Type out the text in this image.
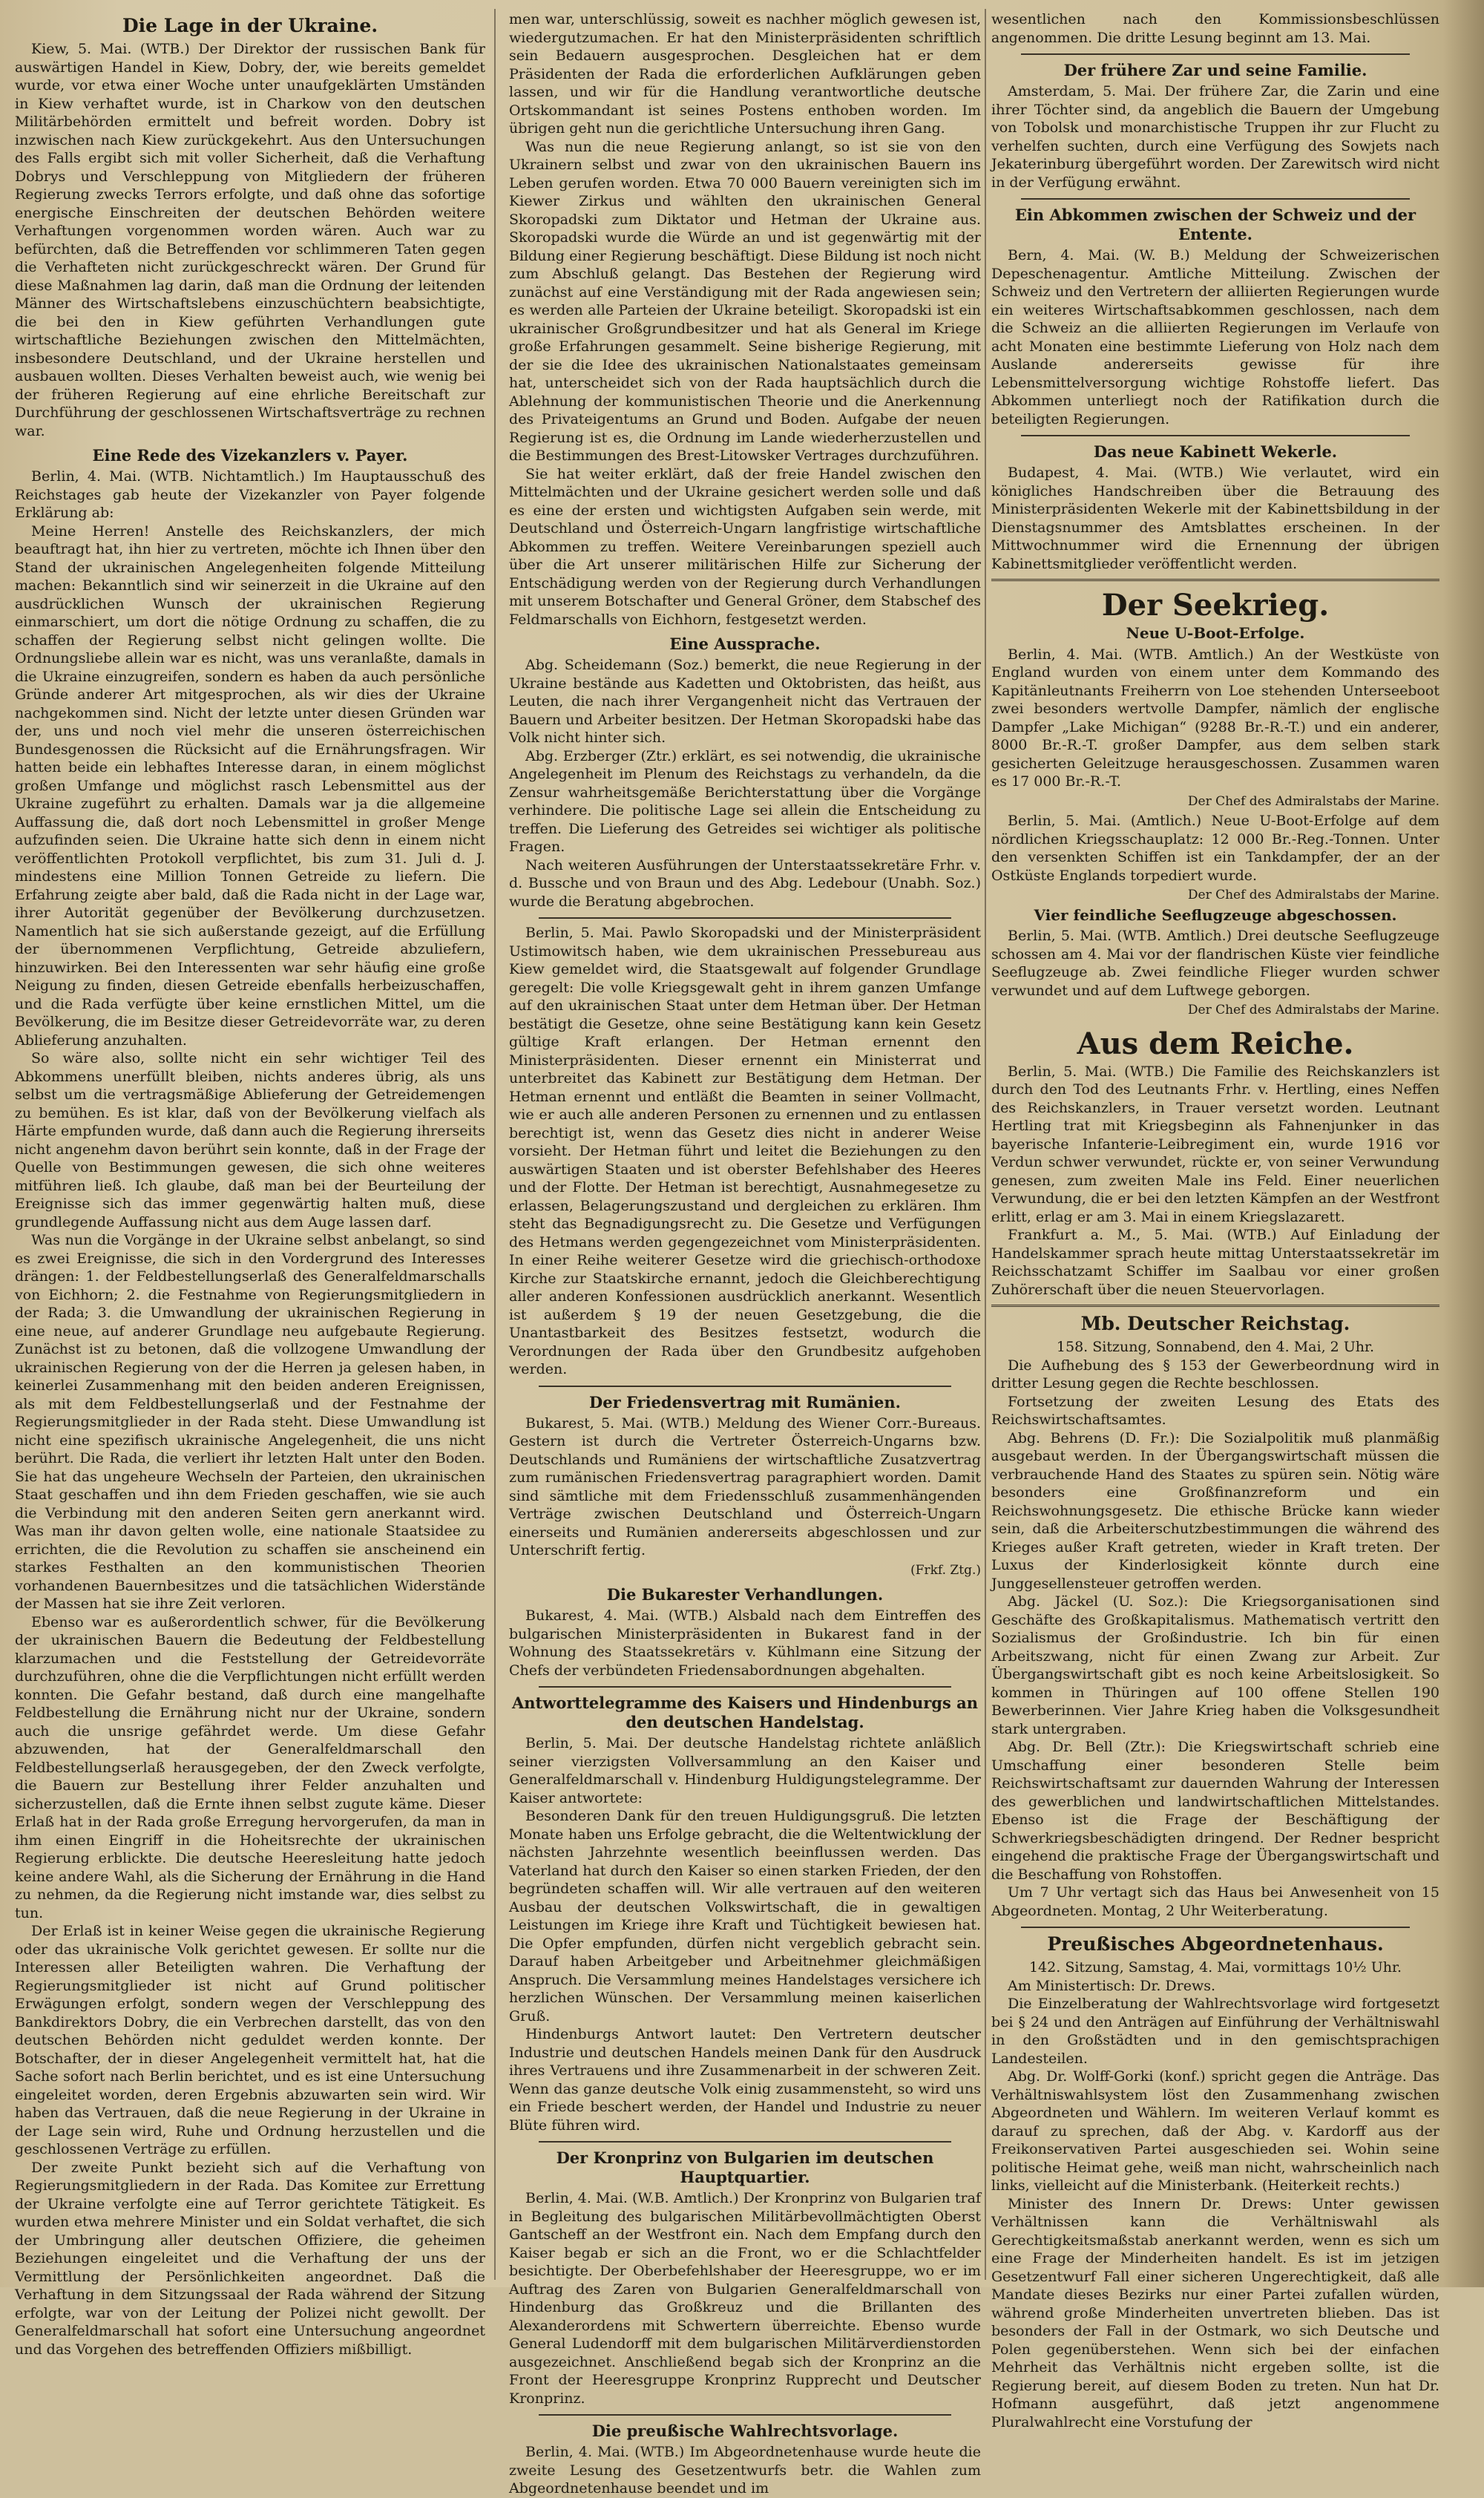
Die Lage in der Ukraine.

Kiew, 5. Mai. (WTB.) Der Direktor der russischen Bank für auswärtigen Handel in Kiew, Dobry, der, wie bereits gemeldet wurde, vor etwa einer Woche unter unaufgeklärten Umständen in Kiew verhaftet wurde, ist in Charkow von den deutschen Militärbehörden ermittelt und befreit worden. Dobry ist inzwischen nach Kiew zurückgekehrt. Aus den Untersuchungen des Falls ergibt sich mit voller Sicherheit, daß die Verhaftung Dobrys und Verschleppung von Mitgliedern der früheren Regierung zwecks Terrors erfolgte, und daß ohne das sofortige energische Einschreiten der deutschen Behörden weitere Verhaftungen vorgenommen worden wären. Auch war zu befürchten, daß die Betreffenden vor schlimmeren Taten gegen die Verhafteten nicht zurückgeschreckt wären. Der Grund für diese Maßnahmen lag darin, daß man die Ordnung der leitenden Männer des Wirtschaftslebens einzuschüchtern beabsichtigte, die bei den in Kiew geführten Verhandlungen gute wirtschaftliche Beziehungen zwischen den Mittelmächten, insbesondere Deutschland, und der Ukraine herstellen und ausbauen wollten. Dieses Verhalten beweist auch, wie wenig bei der früheren Regierung auf eine ehrliche Bereitschaft zur Durchführung der geschlossenen Wirtschaftsverträge zu rechnen war.

Eine Rede des Vizekanzlers v. Payer.

Berlin, 4. Mai. (WTB. Nichtamtlich.) Im Hauptausschuß des Reichstages gab heute der Vizekanzler von Payer folgende Erklärung ab:

Meine Herren! Anstelle des Reichskanzlers, der mich beauftragt hat, ihn hier zu vertreten, möchte ich Ihnen über den Stand der ukrainischen Angelegenheiten folgende Mitteilung machen: Bekanntlich sind wir seinerzeit in die Ukraine auf den ausdrücklichen Wunsch der ukrainischen Regierung einmarschiert, um dort die nötige Ordnung zu schaffen, die zu schaffen der Regierung selbst nicht gelingen wollte. Die Ordnungsliebe allein war es nicht, was uns veranlaßte, damals in die Ukraine einzugreifen, sondern es haben da auch persönliche Gründe anderer Art mitgesprochen, als wir dies der Ukraine nachgekommen sind. Nicht der letzte unter diesen Gründen war der, uns und noch viel mehr die unseren österreichischen Bundesgenossen die Rücksicht auf die Ernährungsfragen. Wir hatten beide ein lebhaftes Interesse daran, in einem möglichst großen Umfange und möglichst rasch Lebensmittel aus der Ukraine zugeführt zu erhalten. Damals war ja die allgemeine Auffassung die, daß dort noch Lebensmittel in großer Menge aufzufinden seien. Die Ukraine hatte sich denn in einem nicht veröffentlichten Protokoll verpflichtet, bis zum 31. Juli d. J. mindestens eine Million Tonnen Getreide zu liefern. Die Erfahrung zeigte aber bald, daß die Rada nicht in der Lage war, ihrer Autorität gegenüber der Bevölkerung durchzusetzen. Namentlich hat sie sich außerstande gezeigt, auf die Erfüllung der übernommenen Verpflichtung, Getreide abzuliefern, hinzuwirken. Bei den Interessenten war sehr häufig eine große Neigung zu finden, diesen Getreide ebenfalls herbeizuschaffen, und die Rada verfügte über keine ernstlichen Mittel, um die Bevölkerung, die im Besitze dieser Getreidevorräte war, zu deren Ablieferung anzuhalten.

So wäre also, sollte nicht ein sehr wichtiger Teil des Abkommens unerfüllt bleiben, nichts anderes übrig, als uns selbst um die vertragsmäßige Ablieferung der Getreidemengen zu bemühen. Es ist klar, daß von der Bevölkerung vielfach als Härte empfunden wurde, daß dann auch die Regierung ihrerseits nicht angenehm davon berührt sein konnte, daß in der Frage der Quelle von Bestimmungen gewesen, die sich ohne weiteres mitführen ließ. Ich glaube, daß man bei der Beurteilung der Ereignisse sich das immer gegenwärtig halten muß, diese grundlegende Auffassung nicht aus dem Auge lassen darf.

Was nun die Vorgänge in der Ukraine selbst anbelangt, so sind es zwei Ereignisse, die sich in den Vordergrund des Interesses drängen: 1. der Feldbestellungserlaß des Generalfeldmarschalls von Eichhorn; 2. die Festnahme von Regierungsmitgliedern in der Rada; 3. die Umwandlung der ukrainischen Regierung in eine neue, auf anderer Grundlage neu aufgebaute Regierung. Zunächst ist zu betonen, daß die vollzogene Umwandlung der ukrainischen Regierung von der die Herren ja gelesen haben, in keinerlei Zusammenhang mit den beiden anderen Ereignissen, als mit dem Feldbestellungserlaß und der Festnahme der Regierungsmitglieder in der Rada steht. Diese Umwandlung ist nicht eine spezifisch ukrainische Angelegenheit, die uns nicht berührt. Die Rada, die verliert ihr letzten Halt unter den Boden. Sie hat das ungeheure Wechseln der Parteien, den ukrainischen Staat geschaffen und ihn dem Frieden geschaffen, wie sie auch die Verbindung mit den anderen Seiten gern anerkannt wird. Was man ihr davon gelten wolle, eine nationale Staatsidee zu errichten, die die Revolution zu schaffen sie anscheinend ein starkes Festhalten an den kommunistischen Theorien vorhandenen Bauernbesitzes und die tatsächlichen Widerstände der Massen hat sie ihre Zeit verloren.

Ebenso war es außerordentlich schwer, für die Bevölkerung der ukrainischen Bauern die Bedeutung der Feldbestellung klarzumachen und die Feststellung der Getreidevorräte durchzuführen, ohne die die Verpflichtungen nicht erfüllt werden konnten. Die Gefahr bestand, daß durch eine mangelhafte Feldbestellung die Ernährung nicht nur der Ukraine, sondern auch die unsrige gefährdet werde. Um diese Gefahr abzuwenden, hat der Generalfeldmarschall den Feldbestellungserlaß herausgegeben, der den Zweck verfolgte, die Bauern zur Bestellung ihrer Felder anzuhalten und sicherzustellen, daß die Ernte ihnen selbst zugute käme. Dieser Erlaß hat in der Rada große Erregung hervorgerufen, da man in ihm einen Eingriff in die Hoheitsrechte der ukrainischen Regierung erblickte. Die deutsche Heeresleitung hatte jedoch keine andere Wahl, als die Sicherung der Ernährung in die Hand zu nehmen, da die Regierung nicht imstande war, dies selbst zu tun.

Der Erlaß ist in keiner Weise gegen die ukrainische Regierung oder das ukrainische Volk gerichtet gewesen. Er sollte nur die Interessen aller Beteiligten wahren. Die Verhaftung der Regierungsmitglieder ist nicht auf Grund politischer Erwägungen erfolgt, sondern wegen der Verschleppung des Bankdirektors Dobry, die ein Verbrechen darstellt, das von den deutschen Behörden nicht geduldet werden konnte. Der Botschafter, der in dieser Angelegenheit vermittelt hat, hat die Sache sofort nach Berlin berichtet, und es ist eine Untersuchung eingeleitet worden, deren Ergebnis abzuwarten sein wird. Wir haben das Vertrauen, daß die neue Regierung in der Ukraine in der Lage sein wird, Ruhe und Ordnung herzustellen und die geschlossenen Verträge zu erfüllen.

Der zweite Punkt bezieht sich auf die Verhaftung von Regierungsmitgliedern in der Rada. Das Komitee zur Errettung der Ukraine verfolgte eine auf Terror gerichtete Tätigkeit. Es wurden etwa mehrere Minister und ein Soldat verhaftet, die sich der Umbringung aller deutschen Offiziere, die geheimen Beziehungen eingeleitet und die Verhaftung der uns der Vermittlung der Persönlichkeiten angeordnet. Daß die Verhaftung in dem Sitzungssaal der Rada während der Sitzung erfolgte, war von der Leitung der Polizei nicht gewollt. Der Generalfeldmarschall hat sofort eine Untersuchung angeordnet und das Vorgehen des betreffenden Offiziers mißbilligt.

men war, unterschlüssig, soweit es nachher möglich gewesen ist, wiedergutzumachen. Er hat den Ministerpräsidenten schriftlich sein Bedauern ausgesprochen. Desgleichen hat er dem Präsidenten der Rada die erforderlichen Aufklärungen geben lassen, und wir für die Handlung verantwortliche deutsche Ortskommandant ist seines Postens enthoben worden. Im übrigen geht nun die gerichtliche Untersuchung ihren Gang.

Was nun die neue Regierung anlangt, so ist sie von den Ukrainern selbst und zwar von den ukrainischen Bauern ins Leben gerufen worden. Etwa 70 000 Bauern vereinigten sich im Kiewer Zirkus und wählten den ukrainischen General Skoropadski zum Diktator und Hetman der Ukraine aus. Skoropadski wurde die Würde an und ist gegenwärtig mit der Bildung einer Regierung beschäftigt. Diese Bildung ist noch nicht zum Abschluß gelangt. Das Bestehen der Regierung wird zunächst auf eine Verständigung mit der Rada angewiesen sein; es werden alle Parteien der Ukraine beteiligt. Skoropadski ist ein ukrainischer Großgrundbesitzer und hat als General im Kriege große Erfahrungen gesammelt. Seine bisherige Regierung, mit der sie die Idee des ukrainischen Nationalstaates gemeinsam hat, unterscheidet sich von der Rada hauptsächlich durch die Ablehnung der kommunistischen Theorie und die Anerkennung des Privateigentums an Grund und Boden. Aufgabe der neuen Regierung ist es, die Ordnung im Lande wiederherzustellen und die Bestimmungen des Brest-Litowsker Vertrages durchzuführen.

Sie hat weiter erklärt, daß der freie Handel zwischen den Mittelmächten und der Ukraine gesichert werden solle und daß es eine der ersten und wichtigsten Aufgaben sein werde, mit Deutschland und Österreich-Ungarn langfristige wirtschaftliche Abkommen zu treffen. Weitere Vereinbarungen speziell auch über die Art unserer militärischen Hilfe zur Sicherung der Entschädigung werden von der Regierung durch Verhandlungen mit unserem Botschafter und General Gröner, dem Stabschef des Feldmarschalls von Eichhorn, festgesetzt werden.

Eine Aussprache.

Abg. Scheidemann (Soz.) bemerkt, die neue Regierung in der Ukraine bestände aus Kadetten und Oktobristen, das heißt, aus Leuten, die nach ihrer Vergangenheit nicht das Vertrauen der Bauern und Arbeiter besitzen. Der Hetman Skoropadski habe das Volk nicht hinter sich.

Abg. Erzberger (Ztr.) erklärt, es sei notwendig, die ukrainische Angelegenheit im Plenum des Reichstags zu verhandeln, da die Zensur wahrheitsgemäße Berichterstattung über die Vorgänge verhindere. Die politische Lage sei allein die Entscheidung zu treffen. Die Lieferung des Getreides sei wichtiger als politische Fragen.

Nach weiteren Ausführungen der Unterstaatssekretäre Frhr. v. d. Bussche und von Braun und des Abg. Ledebour (Unabh. Soz.) wurde die Beratung abgebrochen.

Berlin, 5. Mai. Pawlo Skoropadski und der Ministerpräsident Ustimowitsch haben, wie dem ukrainischen Pressebureau aus Kiew gemeldet wird, die Staatsgewalt auf folgender Grundlage geregelt: Die volle Kriegsgewalt geht in ihrem ganzen Umfange auf den ukrainischen Staat unter dem Hetman über. Der Hetman bestätigt die Gesetze, ohne seine Bestätigung kann kein Gesetz gültige Kraft erlangen. Der Hetman ernennt den Ministerpräsidenten. Dieser ernennt ein Ministerrat und unterbreitet das Kabinett zur Bestätigung dem Hetman. Der Hetman ernennt und entläßt die Beamten in seiner Vollmacht, wie er auch alle anderen Personen zu ernennen und zu entlassen berechtigt ist, wenn das Gesetz dies nicht in anderer Weise vorsieht. Der Hetman führt und leitet die Beziehungen zu den auswärtigen Staaten und ist oberster Befehlshaber des Heeres und der Flotte. Der Hetman ist berechtigt, Ausnahmegesetze zu erlassen, Belagerungszustand und dergleichen zu erklären. Ihm steht das Begnadigungsrecht zu. Die Gesetze und Verfügungen des Hetmans werden gegengezeichnet vom Ministerpräsidenten. In einer Reihe weiterer Gesetze wird die griechisch-orthodoxe Kirche zur Staatskirche ernannt, jedoch die Gleichberechtigung aller anderen Konfessionen ausdrücklich anerkannt. Wesentlich ist außerdem § 19 der neuen Gesetzgebung, die die Unantastbarkeit des Besitzes festsetzt, wodurch die Verordnungen der Rada über den Grundbesitz aufgehoben werden.

Der Friedensvertrag mit Rumänien.

Bukarest, 5. Mai. (WTB.) Meldung des Wiener Corr.-Bureaus. Gestern ist durch die Vertreter Österreich-Ungarns bzw. Deutschlands und Rumäniens der wirtschaftliche Zusatzvertrag zum rumänischen Friedensvertrag paragraphiert worden. Damit sind sämtliche mit dem Friedensschluß zusammenhängenden Verträge zwischen Deutschland und Österreich-Ungarn einerseits und Rumänien andererseits abgeschlossen und zur Unterschrift fertig.

(Frkf. Ztg.)
Die Bukarester Verhandlungen.

Bukarest, 4. Mai. (WTB.) Alsbald nach dem Eintreffen des bulgarischen Ministerpräsidenten in Bukarest fand in der Wohnung des Staatssekretärs v. Kühlmann eine Sitzung der Chefs der verbündeten Friedensabordnungen abgehalten.

Antworttelegramme des Kaisers und Hindenburgs an den deutschen Handelstag.

Berlin, 5. Mai. Der deutsche Handelstag richtete anläßlich seiner vierzigsten Vollversammlung an den Kaiser und Generalfeldmarschall v. Hindenburg Huldigungstelegramme. Der Kaiser antwortete:

Besonderen Dank für den treuen Huldigungsgruß. Die letzten Monate haben uns Erfolge gebracht, die die Weltentwicklung der nächsten Jahrzehnte wesentlich beeinflussen werden. Das Vaterland hat durch den Kaiser so einen starken Frieden, der den begründeten schaffen will. Wir alle vertrauen auf den weiteren Ausbau der deutschen Volkswirtschaft, die in gewaltigen Leistungen im Kriege ihre Kraft und Tüchtigkeit bewiesen hat. Die Opfer empfunden, dürfen nicht vergeblich gebracht sein. Darauf haben Arbeitgeber und Arbeitnehmer gleichmäßigen Anspruch. Die Versammlung meines Handelstages versichere ich herzlichen Wünschen. Der Versammlung meinen kaiserlichen Gruß.

Hindenburgs Antwort lautet: Den Vertretern deutscher Industrie und deutschen Handels meinen Dank für den Ausdruck ihres Vertrauens und ihre Zusammenarbeit in der schweren Zeit. Wenn das ganze deutsche Volk einig zusammensteht, so wird uns ein Friede beschert werden, der Handel und Industrie zu neuer Blüte führen wird.

Der Kronprinz von Bulgarien im deutschen Hauptquartier.

Berlin, 4. Mai. (W.B. Amtlich.) Der Kronprinz von Bulgarien traf in Begleitung des bulgarischen Militärbevollmächtigten Oberst Gantscheff an der Westfront ein. Nach dem Empfang durch den Kaiser begab er sich an die Front, wo er die Schlachtfelder besichtigte. Der Oberbefehlshaber der Heeresgruppe, wo er im Auftrag des Zaren von Bulgarien Generalfeldmarschall von Hindenburg das Großkreuz und die Brillanten des Alexanderordens mit Schwertern überreichte. Ebenso wurde General Ludendorff mit dem bulgarischen Militärverdienstorden ausgezeichnet. Anschließend begab sich der Kronprinz an die Front der Heeresgruppe Kronprinz Rupprecht und Deutscher Kronprinz.

Die preußische Wahlrechtsvorlage.

Berlin, 4. Mai. (WTB.) Im Abgeordnetenhause wurde heute die zweite Lesung des Gesetzentwurfs betr. die Wahlen zum Abgeordnetenhause beendet und im

wesentlichen nach den Kommissionsbeschlüssen angenommen. Die dritte Lesung beginnt am 13. Mai.

Der frühere Zar und seine Familie.

Amsterdam, 5. Mai. Der frühere Zar, die Zarin und eine ihrer Töchter sind, da angeblich die Bauern der Umgebung von Tobolsk und monarchistische Truppen ihr zur Flucht zu verhelfen suchten, durch eine Verfügung des Sowjets nach Jekaterinburg übergeführt worden. Der Zarewitsch wird nicht in der Verfügung erwähnt.

Ein Abkommen zwischen der Schweiz und der Entente.

Bern, 4. Mai. (W. B.) Meldung der Schweizerischen Depeschenagentur. Amtliche Mitteilung. Zwischen der Schweiz und den Vertretern der alliierten Regierungen wurde ein weiteres Wirtschaftsabkommen geschlossen, nach dem die Schweiz an die alliierten Regierungen im Verlaufe von acht Monaten eine bestimmte Lieferung von Holz nach dem Auslande andererseits gewisse für ihre Lebensmittelversorgung wichtige Rohstoffe liefert. Das Abkommen unterliegt noch der Ratifikation durch die beteiligten Regierungen.

Das neue Kabinett Wekerle.

Budapest, 4. Mai. (WTB.) Wie verlautet, wird ein königliches Handschreiben über die Betrauung des Ministerpräsidenten Wekerle mit der Kabinettsbildung in der Dienstagsnummer des Amtsblattes erscheinen. In der Mittwochnummer wird die Ernennung der übrigen Kabinettsmitglieder veröffentlicht werden.

Der Seekrieg.
Neue U-Boot-Erfolge.

Berlin, 4. Mai. (WTB. Amtlich.) An der Westküste von England wurden von einem unter dem Kommando des Kapitänleutnants Freiherrn von Loe stehenden Unterseeboot zwei besonders wertvolle Dampfer, nämlich der englische Dampfer „Lake Michigan“ (9288 Br.-R.-T.) und ein anderer, 8000 Br.-R.-T. großer Dampfer, aus dem selben stark gesicherten Geleitzuge herausgeschossen. Zusammen waren es 17 000 Br.-R.-T.

Der Chef des Admiralstabs der Marine.

Berlin, 5. Mai. (Amtlich.) Neue U-Boot-Erfolge auf dem nördlichen Kriegsschauplatz: 12 000 Br.-Reg.-Tonnen. Unter den versenkten Schiffen ist ein Tankdampfer, der an der Ostküste Englands torpediert wurde.

Der Chef des Admiralstabs der Marine.
Vier feindliche Seeflugzeuge abgeschossen.

Berlin, 5. Mai. (WTB. Amtlich.) Drei deutsche Seeflugzeuge schossen am 4. Mai vor der flandrischen Küste vier feindliche Seeflugzeuge ab. Zwei feindliche Flieger wurden schwer verwundet und auf dem Luftwege geborgen.

Der Chef des Admiralstabs der Marine.
Aus dem Reiche.

Berlin, 5. Mai. (WTB.) Die Familie des Reichskanzlers ist durch den Tod des Leutnants Frhr. v. Hertling, eines Neffen des Reichskanzlers, in Trauer versetzt worden. Leutnant Hertling trat mit Kriegsbeginn als Fahnenjunker in das bayerische Infanterie-Leibregiment ein, wurde 1916 vor Verdun schwer verwundet, rückte er, von seiner Verwundung genesen, zum zweiten Male ins Feld. Einer neuerlichen Verwundung, die er bei den letzten Kämpfen an der Westfront erlitt, erlag er am 3. Mai in einem Kriegslazarett.

Frankfurt a. M., 5. Mai. (WTB.) Auf Einladung der Handelskammer sprach heute mittag Unterstaatssekretär im Reichsschatzamt Schiffer im Saalbau vor einer großen Zuhörerschaft über die neuen Steuervorlagen.

Mb. Deutscher Reichstag.

158. Sitzung, Sonnabend, den 4. Mai, 2 Uhr.

Die Aufhebung des § 153 der Gewerbeordnung wird in dritter Lesung gegen die Rechte beschlossen.

Fortsetzung der zweiten Lesung des Etats des Reichswirtschaftsamtes.

Abg. Behrens (D. Fr.): Die Sozialpolitik muß planmäßig ausgebaut werden. In der Übergangswirtschaft müssen die verbrauchende Hand des Staates zu spüren sein. Nötig wäre besonders eine Großfinanzreform und ein Reichswohnungsgesetz. Die ethische Brücke kann wieder sein, daß die Arbeiterschutzbestimmungen die während des Krieges außer Kraft getreten, wieder in Kraft treten. Der Luxus der Kinderlosigkeit könnte durch eine Junggesellensteuer getroffen werden.

Abg. Jäckel (U. Soz.): Die Kriegsorganisationen sind Geschäfte des Großkapitalismus. Mathematisch vertritt den Sozialismus der Großindustrie. Ich bin für einen Arbeitszwang, nicht für einen Zwang zur Arbeit. Zur Übergangswirtschaft gibt es noch keine Arbeitslosigkeit. So kommen in Thüringen auf 100 offene Stellen 190 Bewerberinnen. Vier Jahre Krieg haben die Volksgesundheit stark untergraben.

Abg. Dr. Bell (Ztr.): Die Kriegswirtschaft schrieb eine Umschaffung einer besonderen Stelle beim Reichswirtschaftsamt zur dauernden Wahrung der Interessen des gewerblichen und landwirtschaftlichen Mittelstandes. Ebenso ist die Frage der Beschäftigung der Schwerkriegsbeschädigten dringend. Der Redner bespricht eingehend die praktische Frage der Übergangswirtschaft und die Beschaffung von Rohstoffen.

Um 7 Uhr vertagt sich das Haus bei Anwesenheit von 15 Abgeordneten. Montag, 2 Uhr Weiterberatung.

Preußisches Abgeordnetenhaus.

142. Sitzung, Samstag, 4. Mai, vormittags 10½ Uhr.

Am Ministertisch: Dr. Drews.

Die Einzelberatung der Wahlrechtsvorlage wird fortgesetzt bei § 24 und den Anträgen auf Einführung der Verhältniswahl in den Großstädten und in den gemischtsprachigen Landesteilen.

Abg. Dr. Wolff-Gorki (konf.) spricht gegen die Anträge. Das Verhältniswahlsystem löst den Zusammenhang zwischen Abgeordneten und Wählern. Im weiteren Verlauf kommt es darauf zu sprechen, daß der Abg. v. Kardorff aus der Freikonservativen Partei ausgeschieden sei. Wohin seine politische Heimat gehe, weiß man nicht, wahrscheinlich nach links, vielleicht auf die Ministerbank. (Heiterkeit rechts.)

Minister des Innern Dr. Drews: Unter gewissen Verhältnissen kann die Verhältniswahl als Gerechtigkeitsmaßstab anerkannt werden, wenn es sich um eine Frage der Minderheiten handelt. Es ist im jetzigen Gesetzentwurf Fall einer sicheren Ungerechtigkeit, daß alle Mandate dieses Bezirks nur einer Partei zufallen würden, während große Minderheiten unvertreten blieben. Das ist besonders der Fall in der Ostmark, wo sich Deutsche und Polen gegenüberstehen. Wenn sich bei der einfachen Mehrheit das Verhältnis nicht ergeben sollte, ist die Regierung bereit, auf diesem Boden zu treten. Nun hat Dr. Hofmann ausgeführt, daß jetzt angenommene Pluralwahlrecht eine Vorstufung der
